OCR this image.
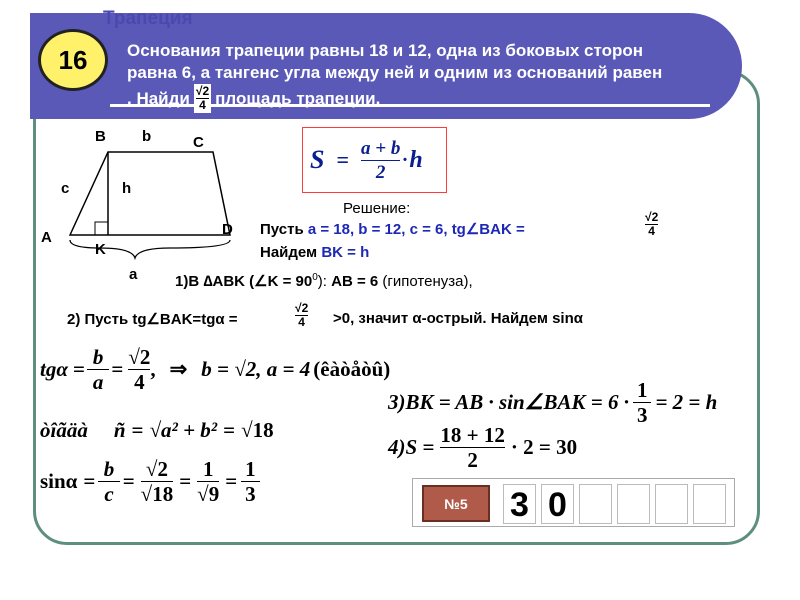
Трапеция
16	Основания трапеции равны 18 и 12, одна из боковых сторон
равна 6, а тангенс угла между ней и одним из оснований равен
. Найди $\frac{√2}{4}$ площадь трапеции.
B b	C
c	h
A	D
K
a
$S = \frac{a + b}{2} \cdot h$
Решение:
Пусть a = 18, b = 12, c = 6, tg∠BAK =	$\frac{√2}{4}$
Найдем BK = h
1)В ∆ABK (∠K = $90^0$): AB = 6 (гипотенуза),
2) Пусть tg∠BAK=tgα =	$\frac{√2}{4} >0$, значит α-острый. Найдем sinα
$tg\alpha = \frac{b}{a} = \frac{√2}{4}$ , ⇒ b = √2, a = 4 (êàòåòû)
òîãäà ñ = √a² + b² = √18
$\sin\alpha = \frac{b}{c} = \frac{√2}{√18} = \frac{1}{√9} = \frac{1}{3}$
3)BK = AB · sin∠BAK = $6 \cdot \frac{1}{3} = 2 = h$
$4)S = \frac{18 + 12}{2} \cdot 2 = 30$
№5	3 0
